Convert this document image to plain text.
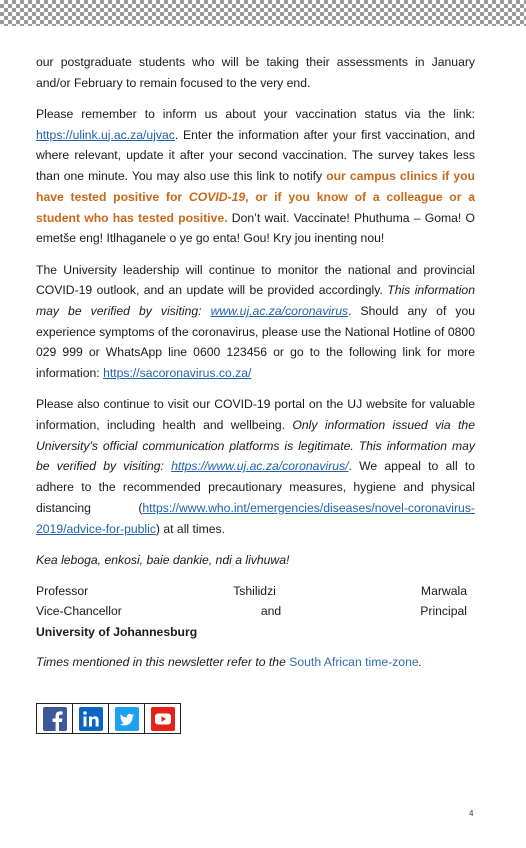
our postgraduate students who will be taking their assessments in January and/or February to remain focused to the very end.

Please remember to inform us about your vaccination status via the link: https://ulink.uj.ac.za/ujvac. Enter the information after your first vaccination, and where relevant, update it after your second vaccination. The survey takes less than one minute. You may also use this link to notify our campus clinics if you have tested positive for COVID-19, or if you know of a colleague or a student who has tested positive. Don’t wait. Vaccinate! Phuthuma – Goma! O emetše eng! Itlhaganele o ye go enta! Gou! Kry jou inenting nou!

The University leadership will continue to monitor the national and provincial COVID-19 outlook, and an update will be provided accordingly. This information may be verified by visiting: www.uj.ac.za/coronavirus. Should any of you experience symptoms of the coronavirus, please use the National Hotline of 0800 029 999 or WhatsApp line 0600 123456 or go to the following link for more information: https://sacoronavirus.co.za/

Please also continue to visit our COVID-19 portal on the UJ website for valuable information, including health and wellbeing. Only information issued via the University's official communication platforms is legitimate. This information may be verified by visiting: https://www.uj.ac.za/coronavirus/. We appeal to all to adhere to the recommended precautionary measures, hygiene and physical distancing (https://www.who.int/emergencies/diseases/novel-coronavirus-2019/advice-for-public) at all times.

Kea leboga, enkosi, baie dankie, ndi a livhuwa!

Professor	Tshilidzi	Marwala
Vice-Chancellor	and	Principal
University of Johannesburg

Times mentioned in this newsletter refer to the South African time-zone.

4
